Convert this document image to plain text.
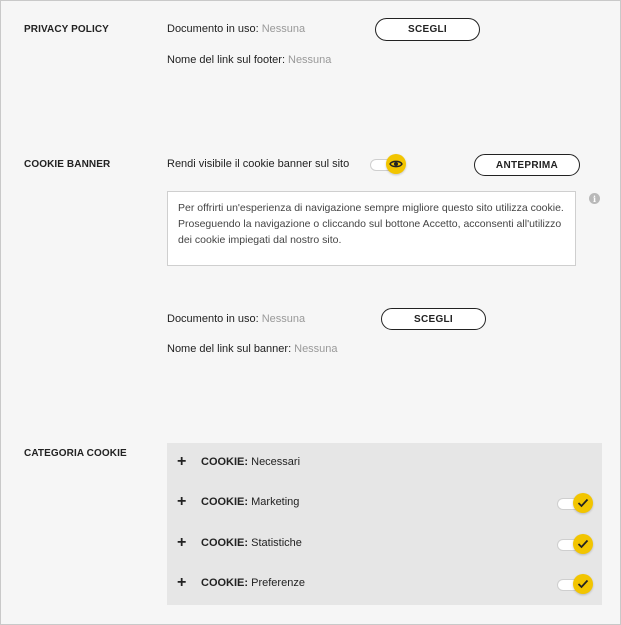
PRIVACY POLICY	Documento in uso: Nessuna	SCEGLI
Nome del link sul footer: Nessuna
COOKIE BANNER	Rendi visibile il cookie banner sul sito	ANTEPRIMA
Per offrirti un'esperienza di navigazione sempre migliore questo sito utilizza cookie. Proseguendo la navigazione o cliccando sul bottone Accetto, acconsenti all'utilizzo dei cookie impiegati dal nostro sito.
i
Documento in uso: Nessuna	SCEGLI
Nome del link sul banner: Nessuna
CATEGORIA COOKIE	+ COOKIE: Necessari
+ COOKIE: Marketing
+ COOKIE: Statistiche
+ COOKIE: Preferenze
